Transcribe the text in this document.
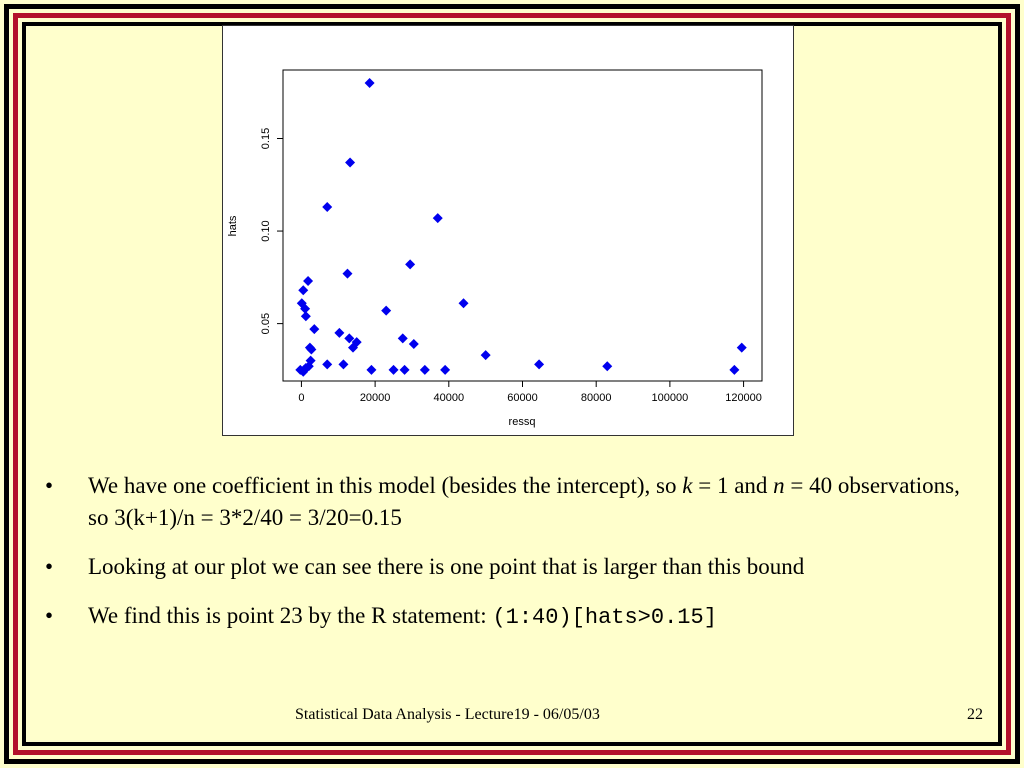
0	20000	40000	60000	80000	100000	120000
0.05
0.10
0.15
ressq
hats
• We have one coefficient in this model (besides the intercept), so k = 1 and n = 40 observations, so 3(k+1)/n = 3*2/40 = 3/20=0.15
• Looking at our plot we can see there is one point that is larger than this bound
• We find this is point 23 by the R statement: (1:40)[hats>0.15]
Statistical Data Analysis - Lecture19 - 06/05/03	22
